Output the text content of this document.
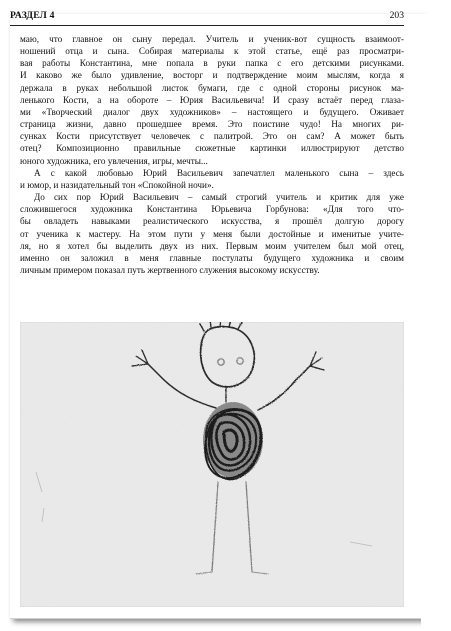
РАЗДЕЛ 4	203
маю, что главное он сыну передал. Учитель и ученик-вот сущность взаимоот-
ношений отца и сына. Собирая материалы к этой статье, ещё раз просматри-
вая работы Константина, мне попала в руки папка с его детскими рисунками.
И каково же было удивление, восторг и подтверждение моим мыслям, когда я
держала в руках небольшой листок бумаги, где с одной стороны рисунок ма-
ленького Кости, а на обороте – Юрия Васильевича! И сразу встаёт перед глаза-
ми «Творческий диалог двух художников» – настоящего и будущего. Оживает
страница жизни, давно прошедшее время. Это поистине чудо! На многих ри-
сунках Кости присутствует человечек с палитрой. Это он сам? А может быть
отец? Композиционно правильные сюжетные картинки иллюстрируют детство
юного художника, его увлечения, игры, мечты...
А с какой любовью Юрий Васильевич запечатлел маленького сына – здесь
и юмор, и назидательный тон «Спокойной ночи».
До сих пор Юрий Васильевич – самый строгий учитель и критик для уже
сложившегося художника Константина Юрьевича Горбунова: «Для того что-
бы овладеть навыками реалистического искусства, я прошёл долгую дорогу
от ученика к мастеру. На этом пути у меня были достойные и именитые учите-
ля, но я хотел бы выделить двух из них. Первым моим учителем был мой отец,
именно он заложил в меня главные постулаты будущего художника и своим
личным примером показал путь жертвенного служения высокому искусству.
